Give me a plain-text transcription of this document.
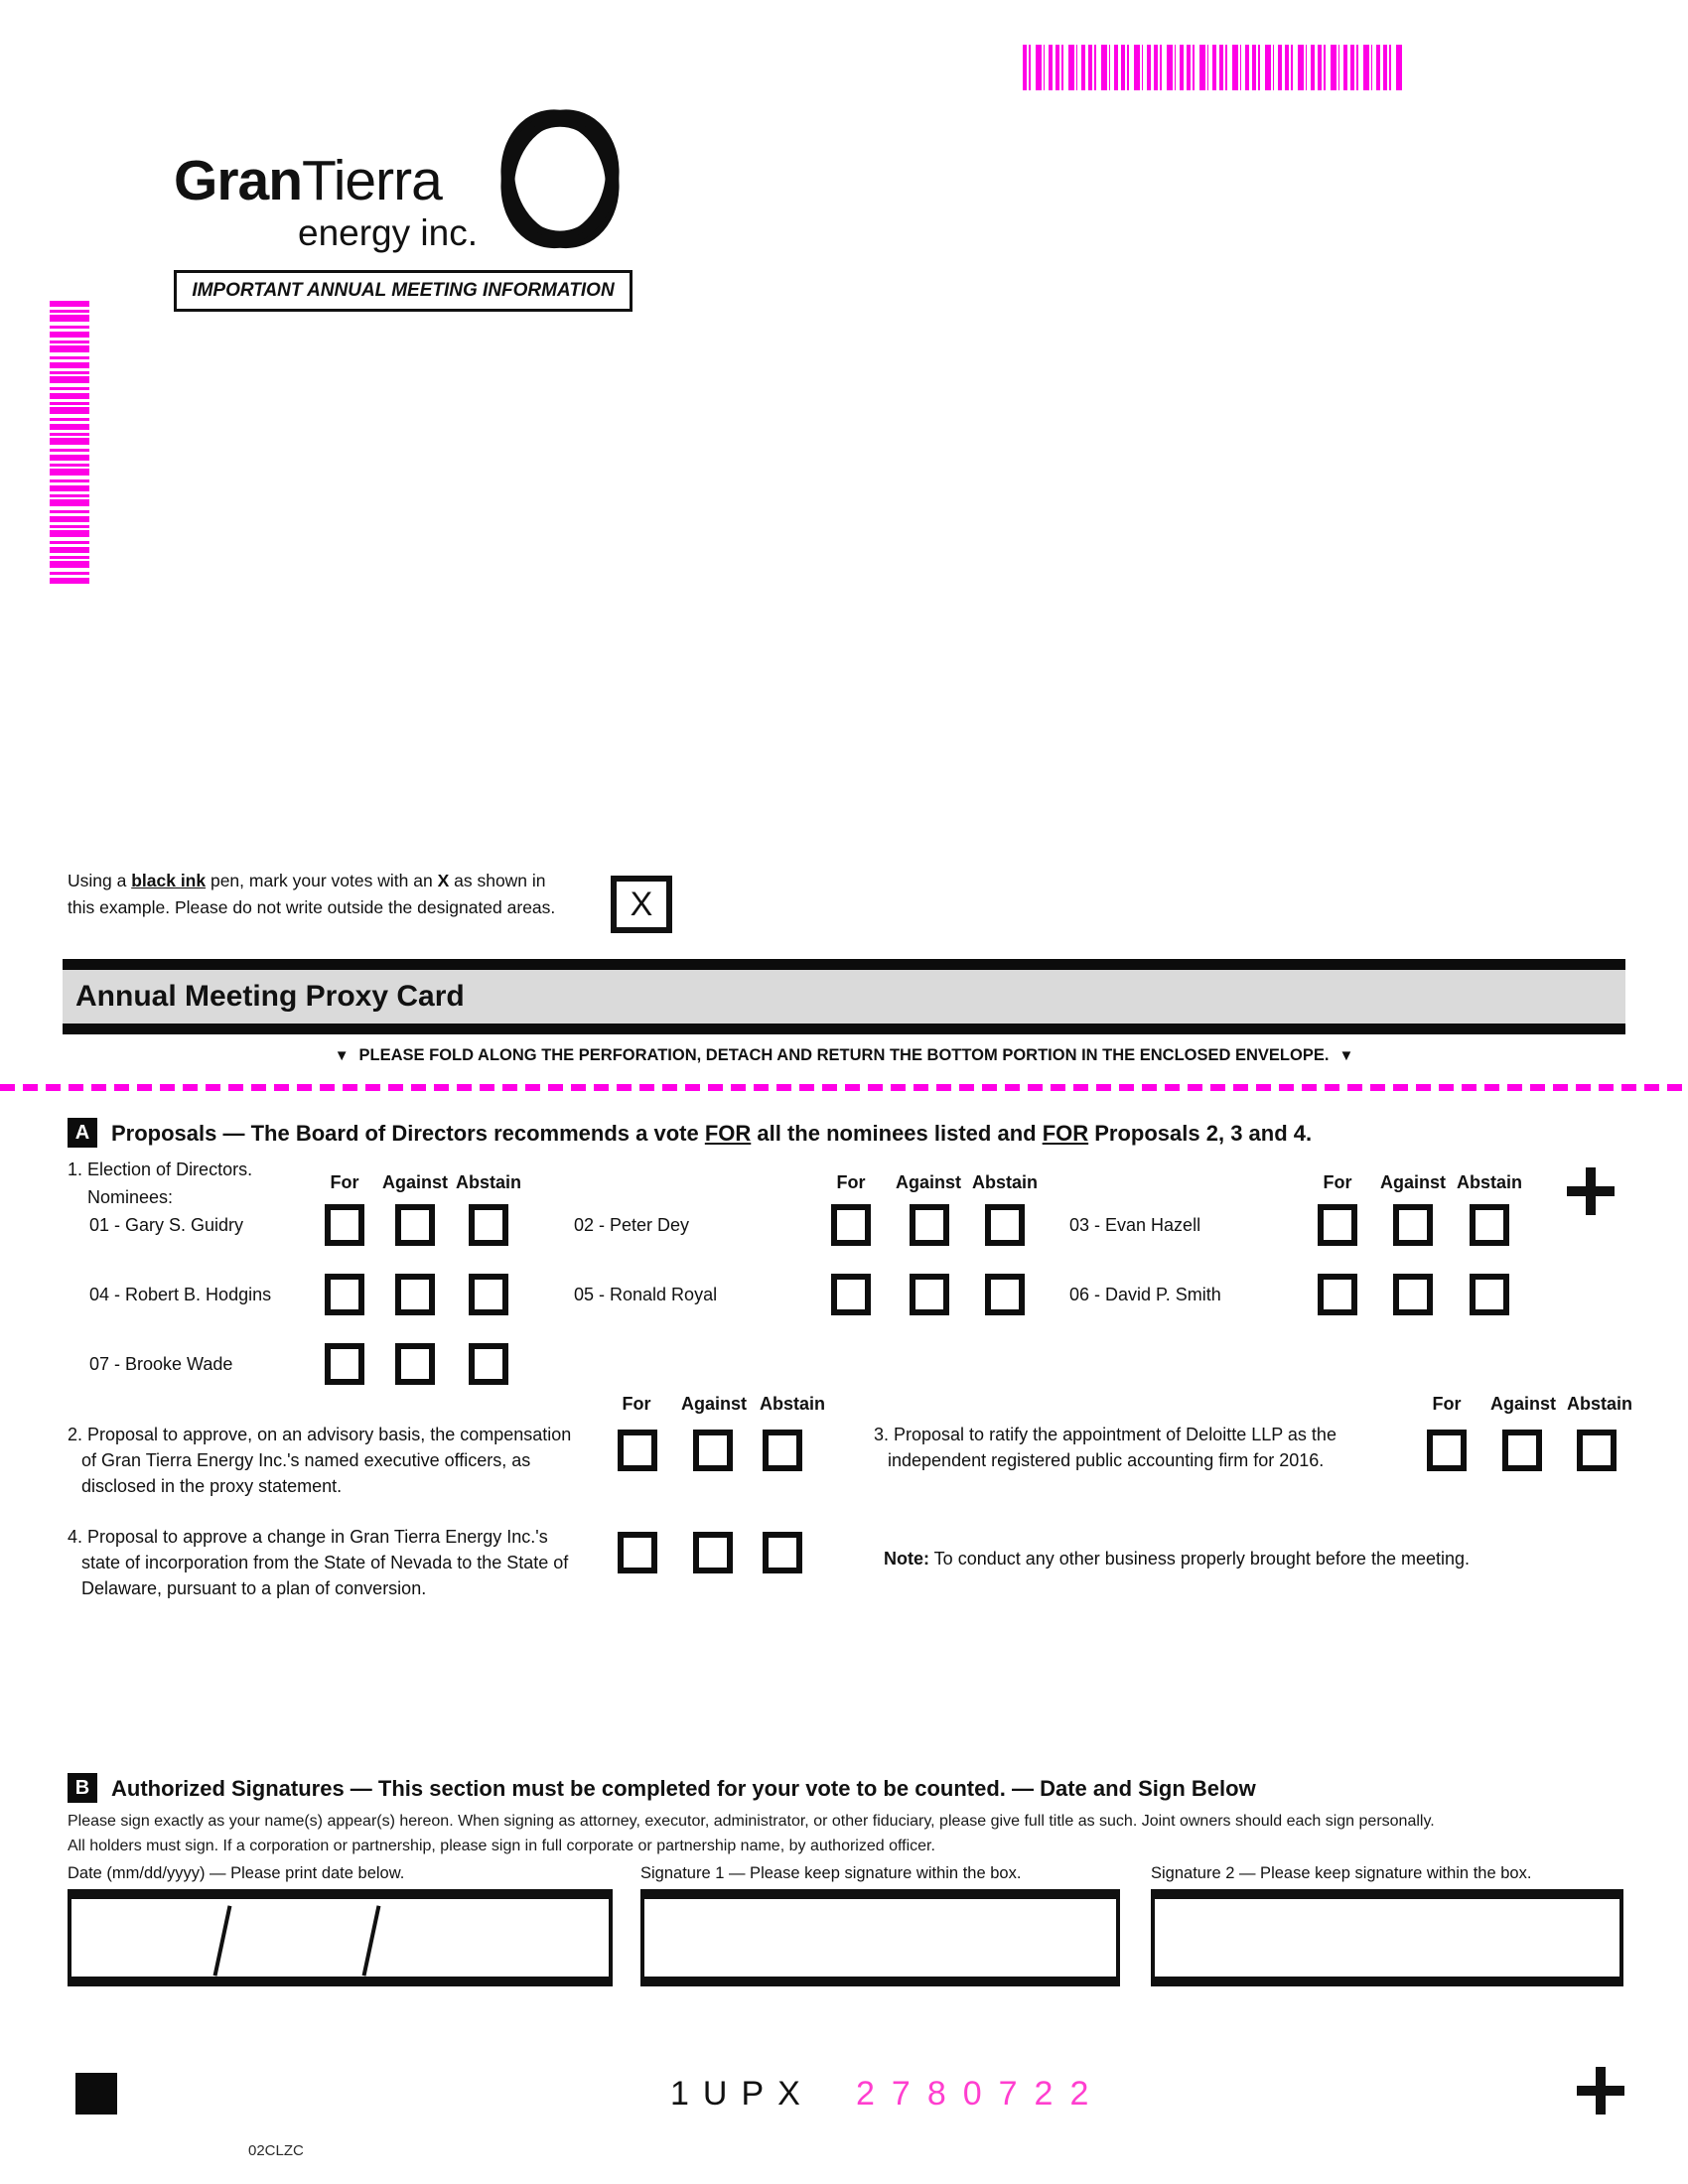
GranTierra
energy inc.
IMPORTANT ANNUAL MEETING INFORMATION
Using a black ink pen, mark your votes with an X as shown in
this example. Please do not write outside the designated areas.	X
Annual Meeting Proxy Card
▼ PLEASE FOLD ALONG THE PERFORATION, DETACH AND RETURN THE BOTTOM PORTION IN THE ENCLOSED ENVELOPE. ▼
A Proposals — The Board of Directors recommends a vote FOR all the nominees listed and FOR Proposals 2, 3 and 4.
1. Election of Directors.
Nominees:
For Against Abstain	For Against Abstain	For Against Abstain
01 - Gary S. Guidry	02 - Peter Dey	03 - Evan Hazell
04 - Robert B. Hodgins	05 - Ronald Royal	06 - David P. Smith
07 - Brooke Wade
For Against Abstain	For Against Abstain
2. Proposal to approve, on an advisory basis, the compensation
of Gran Tierra Energy Inc.'s named executive officers, as
disclosed in the proxy statement.
3. Proposal to ratify the appointment of Deloitte LLP as the
independent registered public accounting firm for 2016.
4. Proposal to approve a change in Gran Tierra Energy Inc.'s
state of incorporation from the State of Nevada to the State of
Delaware, pursuant to a plan of conversion.
Note: To conduct any other business properly brought before the meeting.
B Authorized Signatures — This section must be completed for your vote to be counted. — Date and Sign Below
Please sign exactly as your name(s) appear(s) hereon. When signing as attorney, executor, administrator, or other fiduciary, please give full title as such. Joint owners should each sign personally.
All holders must sign. If a corporation or partnership, please sign in full corporate or partnership name, by authorized officer.
Date (mm/dd/yyyy) — Please print date below.	Signature 1 — Please keep signature within the box.	Signature 2 — Please keep signature within the box.
1UPX 2780722
02CLZC
